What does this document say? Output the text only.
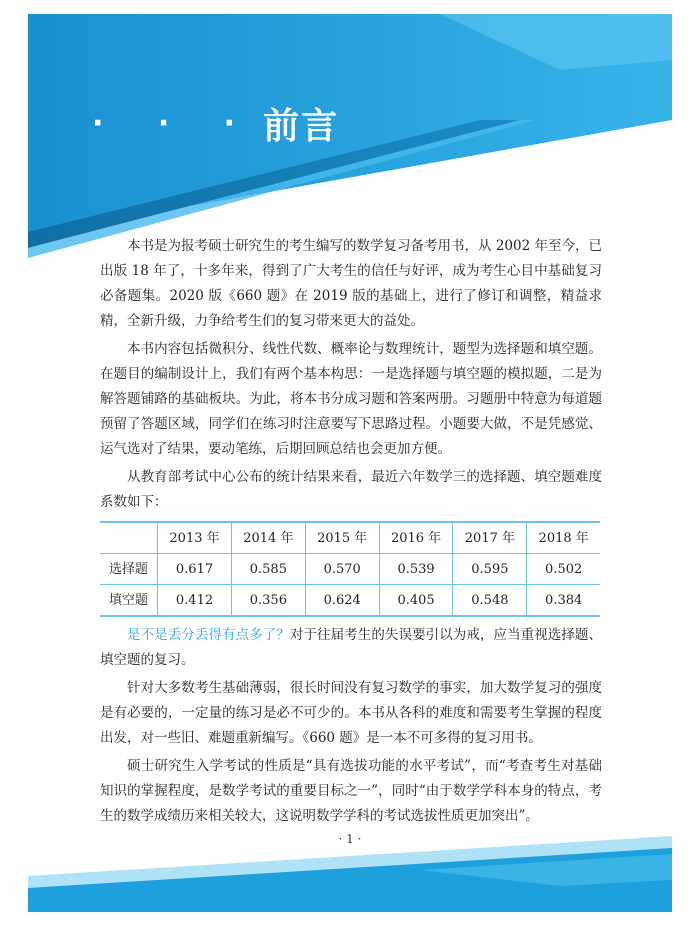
· · · 前言

本书是为报考硕士研究生的考生编写的数学复习备考用书，从 2002 年至今，已出版 18 年了，十多年来，得到了广大考生的信任与好评，成为考生心目中基础复习必备题集。2020 版《660 题》在 2019 版的基础上，进行了修订和调整，精益求精，全新升级，力争给考生们的复习带来更大的益处。

本书内容包括微积分、线性代数、概率论与数理统计，题型为选择题和填空题。在题目的编制设计上，我们有两个基本构思：一是选择题与填空题的模拟题，二是为解答题铺路的基础板块。为此，将本书分成习题和答案两册。习题册中特意为每道题预留了答题区域，同学们在练习时注意要写下思路过程。小题要大做，不是凭感觉、运气选对了结果，要动笔练，后期回顾总结也会更加方便。

从教育部考试中心公布的统计结果来看，最近六年数学三的选择题、填空题难度系数如下：

	2013 年	2014 年	2015 年	2016 年	2017 年	2018 年
选择题	0.617	0.585	0.570	0.539	0.595	0.502
填空题	0.412	0.356	0.624	0.405	0.548	0.384

是不是丢分丢得有点多了？对于往届考生的失误要引以为戒，应当重视选择题、填空题的复习。

针对大多数考生基础薄弱，很长时间没有复习数学的事实，加大数学复习的强度是有必要的，一定量的练习是必不可少的。本书从各科的难度和需要考生掌握的程度出发，对一些旧、难题重新编写。《660 题》是一本不可多得的复习用书。

硕士研究生入学考试的性质是“具有选拔功能的水平考试”，而“考查考生对基础知识的掌握程度，是数学考试的重要目标之一”，同时“由于数学学科本身的特点，考生的数学成绩历来相关较大，这说明数学学科的考试选拔性质更加突出”。

· 1 ·
